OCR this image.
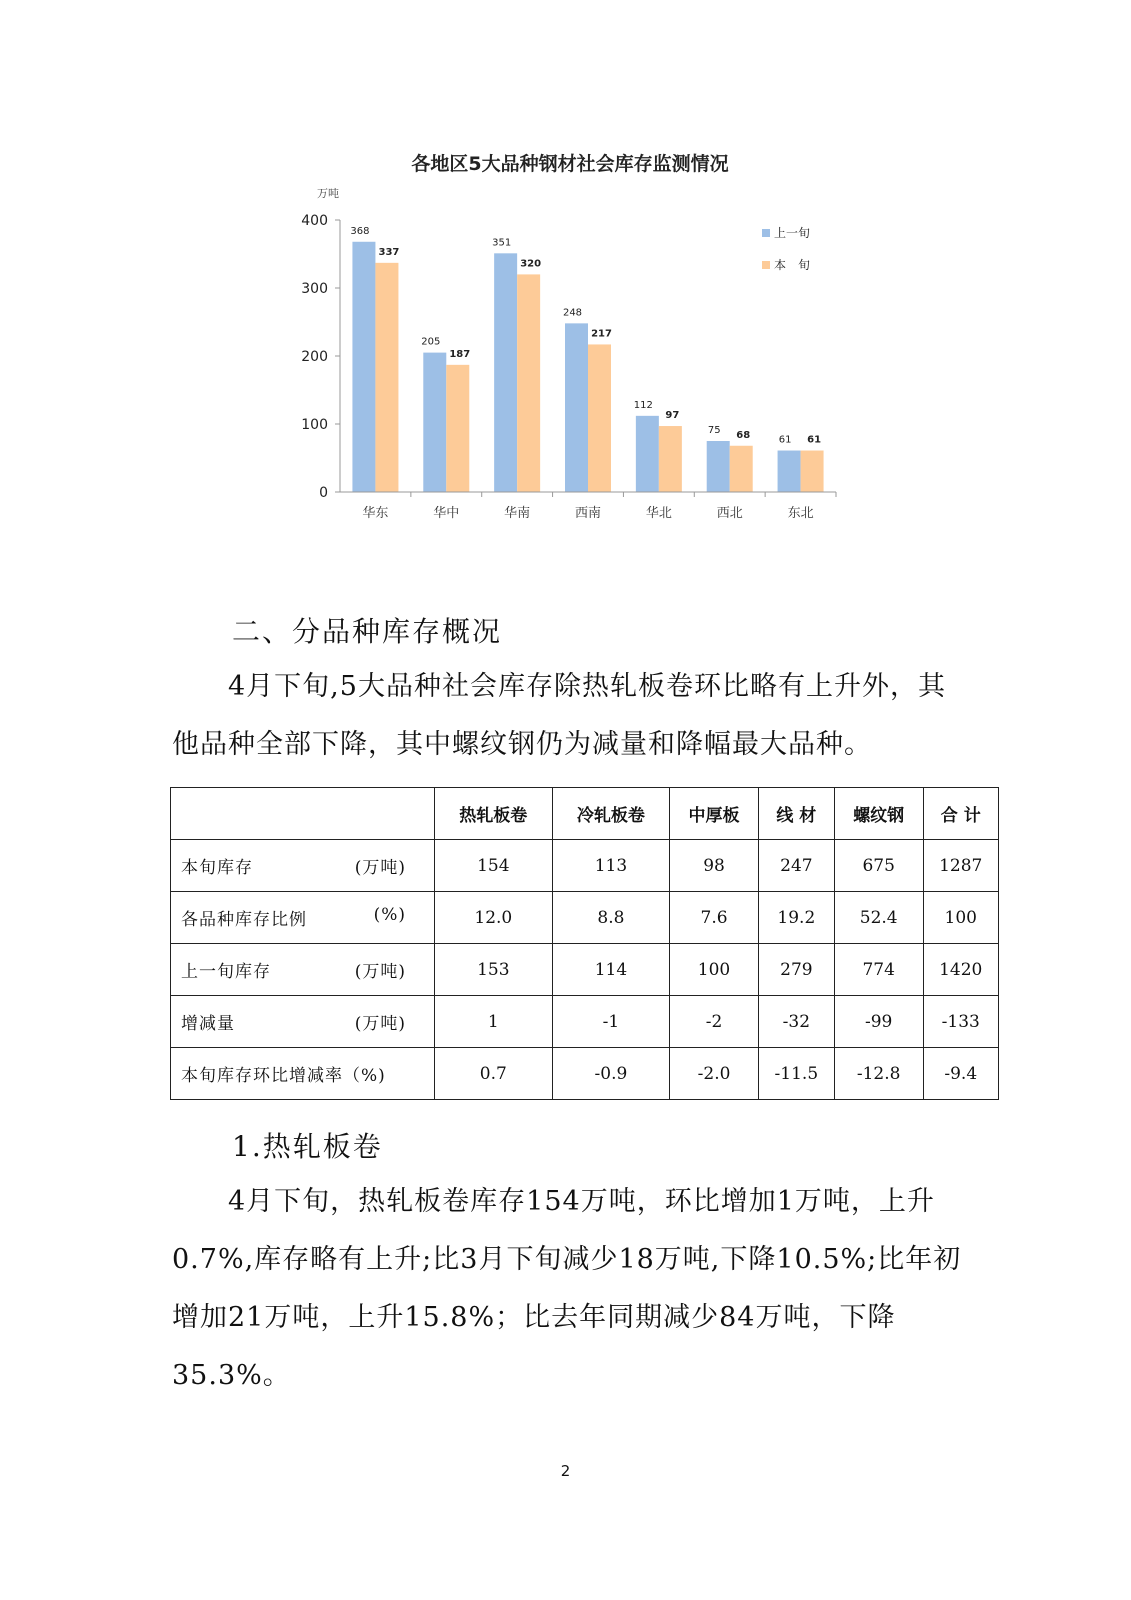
各地区5大品种钢材社会库存监测情况
万吨
0
100
200
300
400
368
337
205
187
351
320
248
217
112
97
75 68	61 61
华东	华中	华南	西南	华北	西北	东北
上一旬
本　旬
二、分品种库存概况

4月下旬,5大品种社会库存除热轧板卷环比略有上升外，其他品种全部下降，其中螺纹钢仍为减量和降幅最大品种。

	热轧板卷	冷轧板卷	中厚板	线 材	螺纹钢	合 计
本旬库存 (万吨)	154	113	98	247	675	1287
各品种库存比例 (%)	12.0	8.8	7.6	19.2	52.4	100
上一旬库存 (万吨)	153	114	100	279	774	1420
增减量 (万吨)	1	-1	-2	-32	-99	-133
本旬库存环比增减率（%)	0.7	-0.9	-2.0	-11.5	-12.8	-9.4
1.热轧板卷

4月下旬，热轧板卷库存154万吨，环比增加1万吨，上升0.7%,库存略有上升;比3月下旬减少18万吨,下降10.5%;比年初增加21万吨，上升15.8%；比去年同期减少84万吨，下降35.3%。

2
